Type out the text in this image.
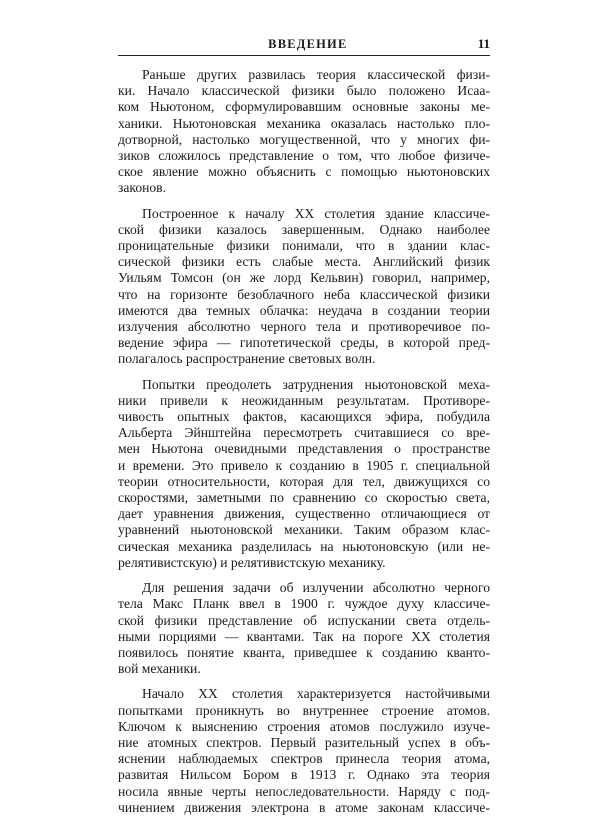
ВВЕДЕНИЕ	11
Раньше других развилась теория классической физи-
ки. Начало классической физики было положено Исаа-
ком Ньютоном, сформулировавшим основные законы ме-
ханики. Ньютоновская механика оказалась настолько пло-
дотворной, настолько могущественной, что у многих фи-
зиков сложилось представление о том, что любое физиче-
ское явление можно объяснить с помощью ньютоновских
законов.
Построенное к началу XX столетия здание классиче-
ской физики казалось завершенным. Однако наиболее
проницательные физики понимали, что в здании клас-
сической физики есть слабые места. Английский физик
Уильям Томсон (он же лорд Кельвин) говорил, например,
что на горизонте безоблачного неба классической физики
имеются два темных облачка: неудача в создании теории
излучения абсолютно черного тела и противоречивое по-
ведение эфира — гипотетической среды, в которой пред-
полагалось распространение световых волн.
Попытки преодолеть затруднения ньютоновской меха-
ники привели к неожиданным результатам. Противоре-
чивость опытных фактов, касающихся эфира, побудила
Альберта Эйнштейна пересмотреть считавшиеся со вре-
мен Ньютона очевидными представления о пространстве
и времени. Это привело к созданию в 1905 г. специальной
теории относительности, которая для тел, движущихся со
скоростями, заметными по сравнению со скоростью света,
дает уравнения движения, существенно отличающиеся от
уравнений ньютоновской механики. Таким образом клас-
сическая механика разделилась на ньютоновскую (или не-
релятивистскую) и релятивистскую механику.
Для решения задачи об излучении абсолютно черного
тела Макс Планк ввел в 1900 г. чуждое духу классиче-
ской физики представление об испускании света отдель-
ными порциями — квантами. Так на пороге XX столетия
появилось понятие кванта, приведшее к созданию кванто-
вой механики.
Начало XX столетия характеризуется настойчивыми
попытками проникнуть во внутреннее строение атомов.
Ключом к выяснению строения атомов послужило изуче-
ние атомных спектров. Первый разительный успех в объ-
яснении наблюдаемых спектров принесла теория атома,
развитая Нильсом Бором в 1913 г. Однако эта теория
носила явные черты непоследовательности. Наряду с под-
чинением движения электрона в атоме законам классиче-
